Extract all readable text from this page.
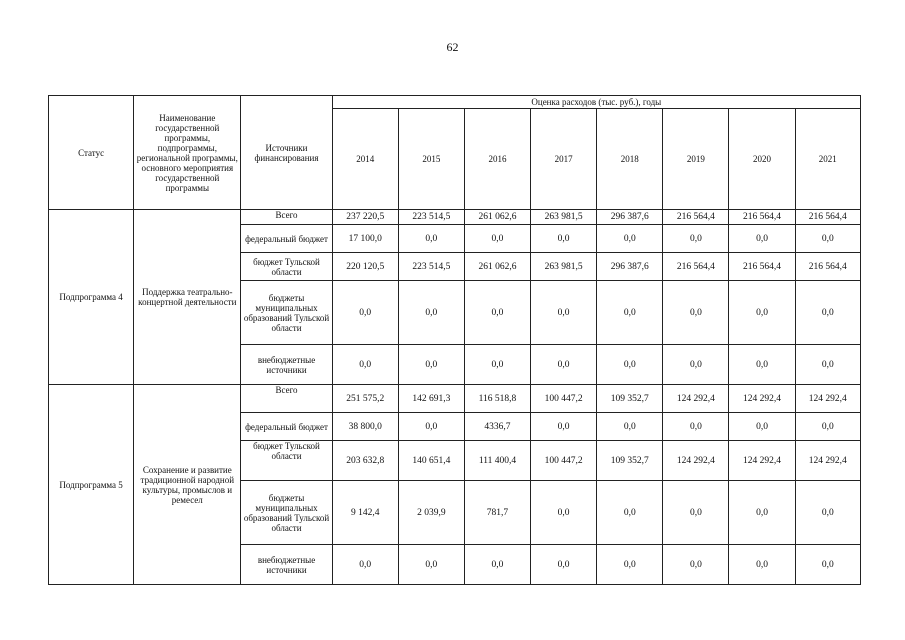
62
Статус	Наименование государственной программы, подпрограммы, региональной программы, основного мероприятия государственной программы	Источники финансирования	Оценка расходов (тыс. руб.), годы							
			2014	2015	2016	2017	2018	2019	2020	2021
Подпрограмма 4	Поддержка театрально-концертной деятельности	Всего	237 220,5	223 514,5	261 062,6	263 981,5	296 387,6	216 564,4	216 564,4	216 564,4
		федеральный бюджет	17 100,0	0,0	0,0	0,0	0,0	0,0	0,0	0,0
		бюджет Тульской области	220 120,5	223 514,5	261 062,6	263 981,5	296 387,6	216 564,4	216 564,4	216 564,4
		бюджеты муниципальных образований Тульской области	0,0	0,0	0,0	0,0	0,0	0,0	0,0	0,0
		внебюджетные источники	0,0	0,0	0,0	0,0	0,0	0,0	0,0	0,0
Подпрограмма 5	Сохранение и развитие традиционной народной культуры, промыслов и ремесел	Всего	251 575,2	142 691,3	116 518,8	100 447,2	109 352,7	124 292,4	124 292,4	124 292,4
		федеральный бюджет	38 800,0	0,0	4336,7	0,0	0,0	0,0	0,0	0,0
		бюджет Тульской области	203 632,8	140 651,4	111 400,4	100 447,2	109 352,7	124 292,4	124 292,4	124 292,4
		бюджеты муниципальных образований Тульской области	9 142,4	2 039,9	781,7	0,0	0,0	0,0	0,0	0,0
		внебюджетные источники	0,0	0,0	0,0	0,0	0,0	0,0	0,0	0,0
